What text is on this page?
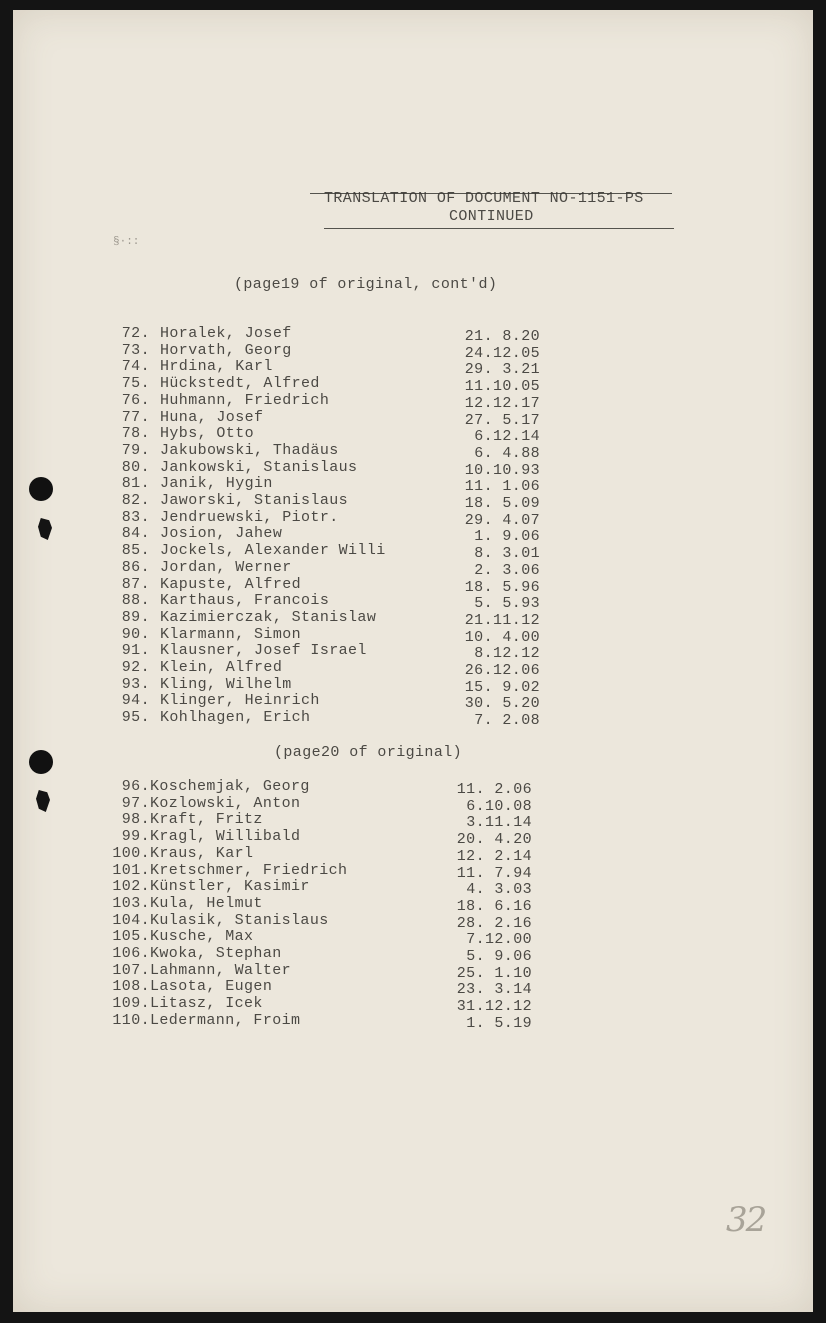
TRANSLATION OF DOCUMENT NO-1151-PS
CONTINUED
§·::
(page19 of original, cont'd)
72. Horalek, Josef	21. 8.20
73. Horvath, Georg	24.12.05
74. Hrdina, Karl	29. 3.21
75. Hückstedt, Alfred	11.10.05
76. Huhmann, Friedrich	12.12.17
77. Huna, Josef	27. 5.17
78. Hybs, Otto	6.12.14
79. Jakubowski, Thadäus	6. 4.88
80. Jankowski, Stanislaus	10.10.93
81. Janik, Hygin	11. 1.06
82. Jaworski, Stanislaus	18. 5.09
83. Jendruewski, Piotr.	29. 4.07
84. Josion, Jahew	1. 9.06
85. Jockels, Alexander Willi	8. 3.01
86. Jordan, Werner	2. 3.06
87. Kapuste, Alfred	18. 5.96
88. Karthaus, Francois	5. 5.93
89. Kazimierczak, Stanislaw	21.11.12
90. Klarmann, Simon	10. 4.00
91. Klausner, Josef Israel	8.12.12
92. Klein, Alfred	26.12.06
93. Kling, Wilhelm	15. 9.02
94. Klinger, Heinrich	30. 5.20
95. Kohlhagen, Erich	7. 2.08
(page20 of original)
96. Koschemjak, Georg	11. 2.06
97. Kozlowski, Anton	6.10.08
98. Kraft, Fritz	3.11.14
99. Kragl, Willibald	20. 4.20
100. Kraus, Karl	12. 2.14
101. Kretschmer, Friedrich	11. 7.94
102. Künstler, Kasimir	4. 3.03
103. Kula, Helmut	18. 6.16
104. Kulasik, Stanislaus	28. 2.16
105. Kusche, Max	7.12.00
106. Kwoka, Stephan	5. 9.06
107. Lahmann, Walter	25. 1.10
108. Lasota, Eugen	23. 3.14
109. Litasz, Icek	31.12.12
110. Ledermann, Froim	1. 5.19
32
